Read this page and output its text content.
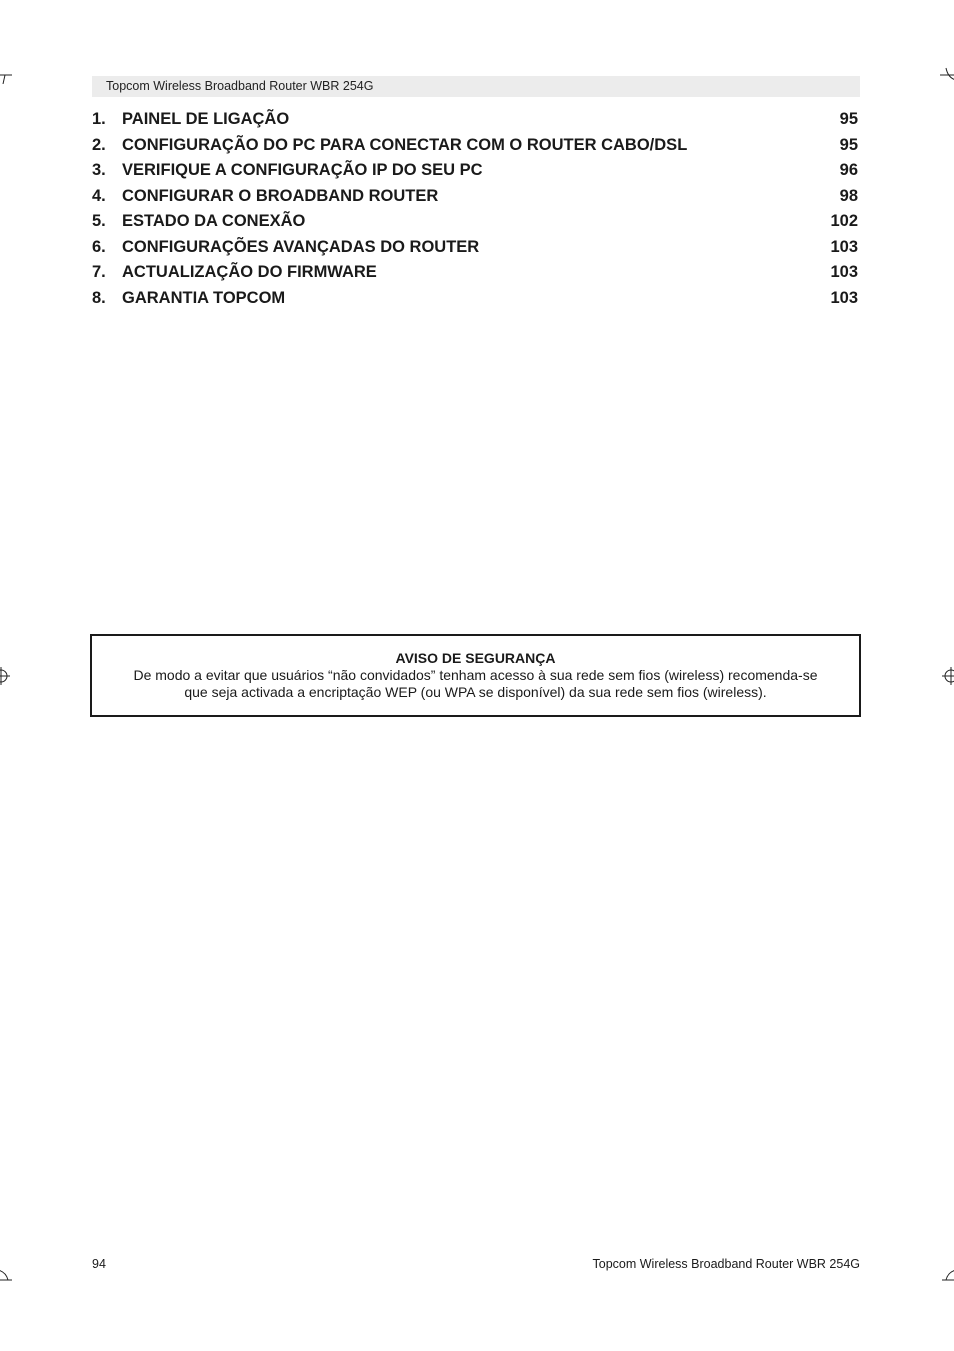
Topcom Wireless Broadband Router WBR 254G
1. PAINEL DE LIGAÇÃO	95
2. CONFIGURAÇÃO DO PC PARA CONECTAR COM O ROUTER CABO/DSL	95
3. VERIFIQUE A CONFIGURAÇÃO IP DO SEU PC	96
4. CONFIGURAR O BROADBAND ROUTER	98
5. ESTADO DA CONEXÃO	102
6. CONFIGURAÇÕES AVANÇADAS DO ROUTER	103
7. ACTUALIZAÇÃO DO FIRMWARE	103
8. GARANTIA TOPCOM	103
AVISO DE SEGURANÇA
De modo a evitar que usuários “não convidados” tenham acesso à sua rede sem fios (wireless) recomenda-se
que seja activada a encriptação WEP (ou WPA se disponível) da sua rede sem fios (wireless).
94	Topcom Wireless Broadband Router WBR 254G
